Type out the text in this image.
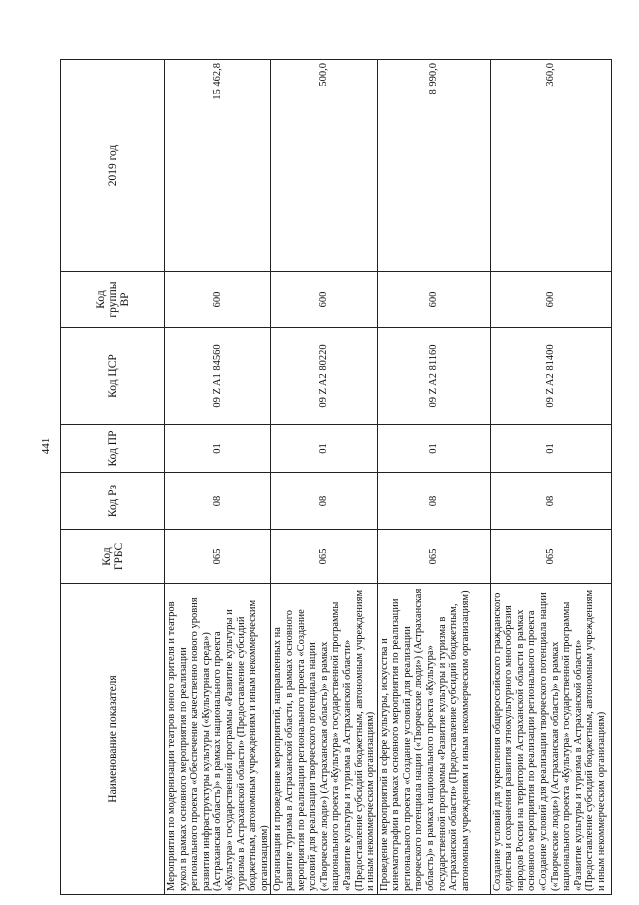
441
Наименование показателя	Код ГРБС	Код Рз	Код ПР	Код ЦСР	Код группы ВР	2019 год
Мероприятия по модернизации театров юного зрителя и театров кукол в рамках основного мероприятия по реализации регионального проекта «Обеспечение качественно нового уровня развития инфраструктуры культуры («Культурная среда») (Астраханская область)» в рамках национального проекта «Культура» государственной программы «Развитие культуры и туризма в Астраханской области» (Предоставление субсидий бюджетным, автономным учреждениям и иным некоммерческим организациям)	065	08	01	09 Z A1 84560	600	15 462,8
Организация и проведение мероприятий, направленных на развитие туризма в Астраханской области, в рамках основного мероприятия по реализации регионального проекта «Создание условий для реализации творческого потенциала нации («Творческие люди») (Астраханская область)» в рамках национального проекта «Культура» государственной программы «Развитие культуры и туризма в Астраханской области» (Предоставление субсидий бюджетным, автономным учреждениям и иным некоммерческим организациям)	065	08	01	09 Z A2 80220	600	500,0
Проведение мероприятий в сфере культуры, искусства и кинематографии в рамках основного мероприятия по реализации регионального проекта «Создание условий для реализации творческого потенциала нации («Творческие люди») (Астраханская область)» в рамках национального проекта «Культура» государственной программы «Развитие культуры и туризма в Астраханской области» (Предоставление субсидий бюджетным, автономным учреждениям и иным некоммерческим организациям)	065	08	01	09 Z A2 81160	600	8 990,0
Создание условий для укрепления общероссийского гражданского единства и сохранения развития этнокультурного многообразия народов России на территории Астраханской области в рамках основного мероприятия по реализации регионального проекта «Создание условий для реализации творческого потенциала нации («Творческие люди») (Астраханская область)» в рамках национального проекта «Культура» государственной программы «Развитие культуры и туризма в Астраханской области» (Предоставление субсидий бюджетным, автономным учреждениям и иным некоммерческим организациям)	065	08	01	09 Z A2 81400	600	360,0
